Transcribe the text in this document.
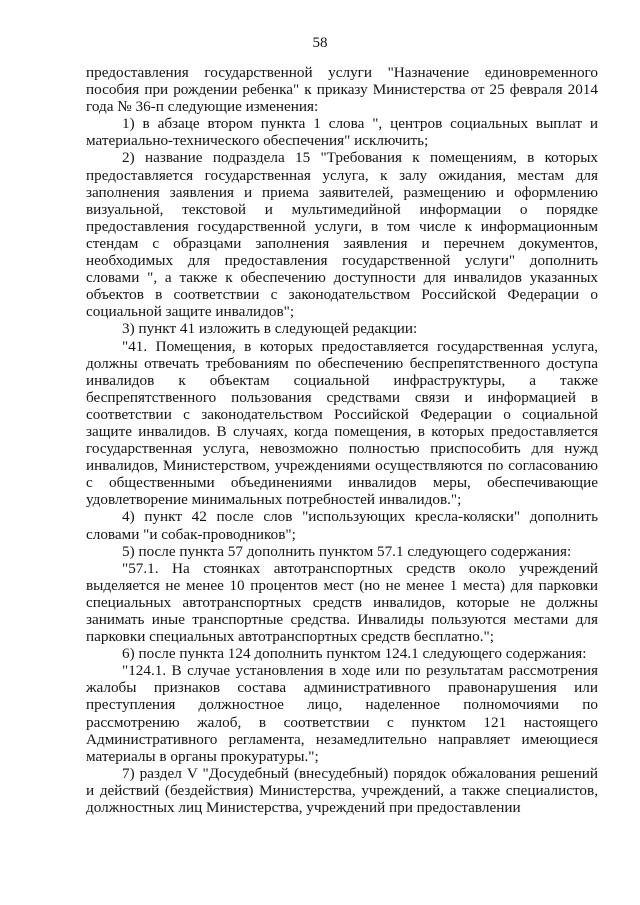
58

предоставления государственной услуги "Назначение единовременного пособия при рождении ребенка" к приказу Министерства от 25 февраля 2014 года № 36-п следующие изменения:

1) в абзаце втором пункта 1 слова ", центров социальных выплат и материально-технического обеспечения" исключить;

2) название подраздела 15 "Требования к помещениям, в которых предоставляется государственная услуга, к залу ожидания, местам для заполнения заявления и приема заявителей, размещению и оформлению визуальной, текстовой и мультимедийной информации о порядке предоставления государственной услуги, в том числе к информационным стендам с образцами заполнения заявления и перечнем документов, необходимых для предоставления государственной услуги" дополнить словами ", а также к обеспечению доступности для инвалидов указанных объектов в соответствии с законодательством Российской Федерации о социальной защите инвалидов";

3) пункт 41 изложить в следующей редакции:

"41. Помещения, в которых предоставляется государственная услуга, должны отвечать требованиям по обеспечению беспрепятственного доступа инвалидов к объектам социальной инфраструктуры, а также беспрепятственного пользования средствами связи и информацией в соответствии с законодательством Российской Федерации о социальной защите инвалидов. В случаях, когда помещения, в которых предоставляется государственная услуга, невозможно полностью приспособить для нужд инвалидов, Министерством, учреждениями осуществляются по согласованию с общественными объединениями инвалидов меры, обеспечивающие удовлетворение минимальных потребностей инвалидов.";

4) пункт 42 после слов "использующих кресла-коляски" дополнить словами "и собак-проводников";

5) после пункта 57 дополнить пунктом 57.1 следующего содержания:

"57.1. На стоянках автотранспортных средств около учреждений выделяется не менее 10 процентов мест (но не менее 1 места) для парковки специальных автотранспортных средств инвалидов, которые не должны занимать иные транспортные средства. Инвалиды пользуются местами для парковки специальных автотранспортных средств бесплатно.";

6) после пункта 124 дополнить пунктом 124.1 следующего содержания:

"124.1. В случае установления в ходе или по результатам рассмотрения жалобы признаков состава административного правонарушения или преступления должностное лицо, наделенное полномочиями по рассмотрению жалоб, в соответствии с пунктом 121 настоящего Административного регламента, незамедлительно направляет имеющиеся материалы в органы прокуратуры.";

7) раздел V "Досудебный (внесудебный) порядок обжалования решений и действий (бездействия) Министерства, учреждений, а также специалистов, должностных лиц Министерства, учреждений при предоставлении
